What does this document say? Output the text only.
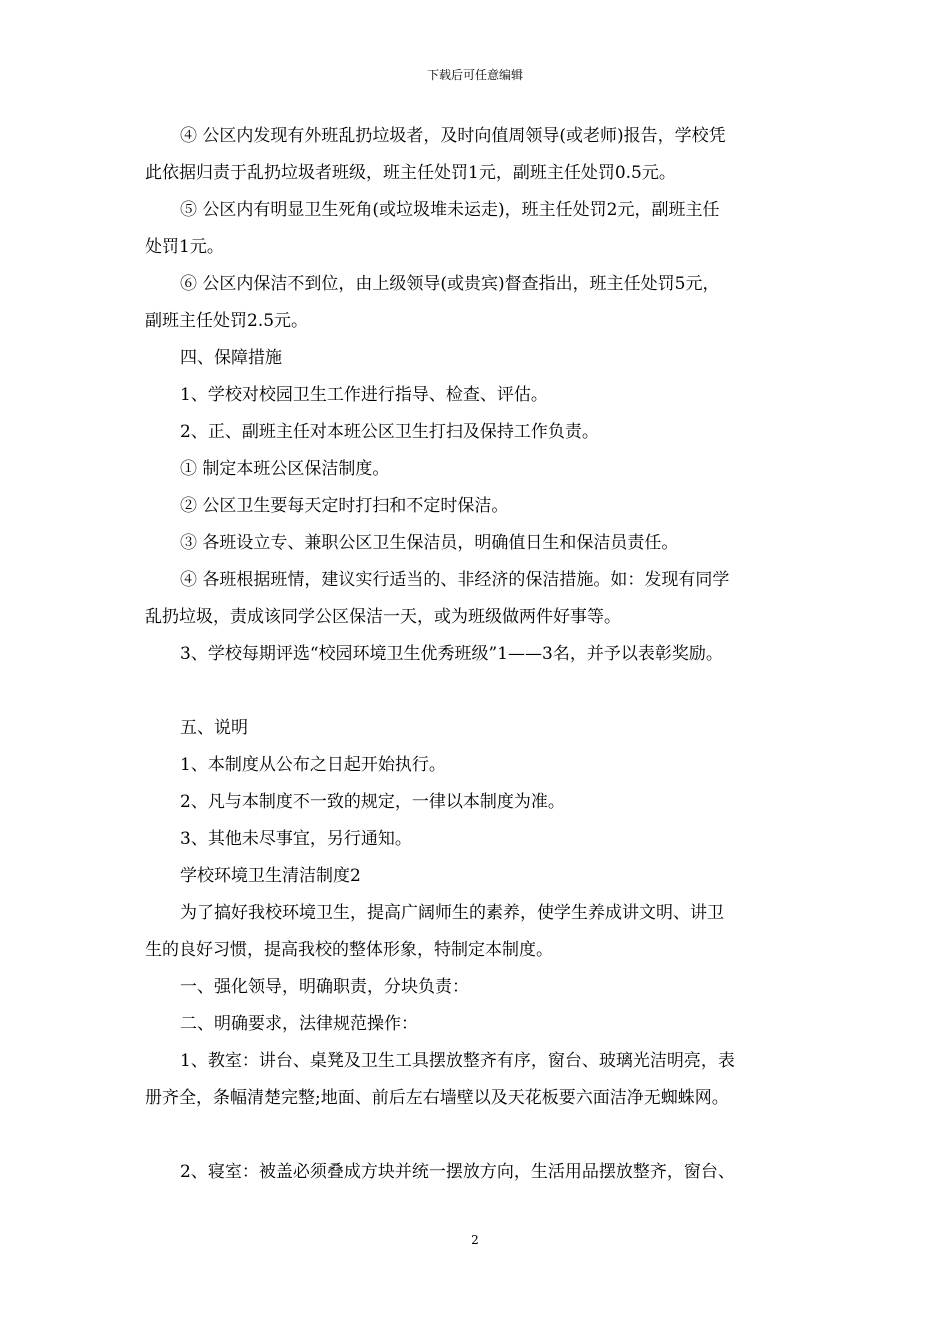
下载后可任意编辑
④ 公区内发现有外班乱扔垃圾者，及时向值周领导(或老师)报告，学校凭
此依据归责于乱扔垃圾者班级，班主任处罚1元，副班主任处罚0.5元。
⑤ 公区内有明显卫生死角(或垃圾堆未运走)，班主任处罚2元，副班主任
处罚1元。
⑥ 公区内保洁不到位，由上级领导(或贵宾)督查指出，班主任处罚5元，
副班主任处罚2.5元。
四、保障措施
1、学校对校园卫生工作进行指导、检查、评估。
2、正、副班主任对本班公区卫生打扫及保持工作负责。
① 制定本班公区保洁制度。
② 公区卫生要每天定时打扫和不定时保洁。
③ 各班设立专、兼职公区卫生保洁员，明确值日生和保洁员责任。
④ 各班根据班情，建议实行适当的、非经济的保洁措施。如：发现有同学
乱扔垃圾，责成该同学公区保洁一天，或为班级做两件好事等。
3、学校每期评选“校园环境卫生优秀班级”1——3名，并予以表彰奖励。
五、说明
1、本制度从公布之日起开始执行。
2、凡与本制度不一致的规定，一律以本制度为准。
3、其他未尽事宜，另行通知。
学校环境卫生清洁制度2
为了搞好我校环境卫生，提高广阔师生的素养，使学生养成讲文明、讲卫
生的良好习惯，提高我校的整体形象，特制定本制度。
一、强化领导，明确职责，分块负责：
二、明确要求，法律规范操作：
1、教室：讲台、桌凳及卫生工具摆放整齐有序，窗台、玻璃光洁明亮，表
册齐全，条幅清楚完整;地面、前后左右墙壁以及天花板要六面洁净无蜘蛛网。
2、寝室：被盖必须叠成方块并统一摆放方向，生活用品摆放整齐，窗台、
2
